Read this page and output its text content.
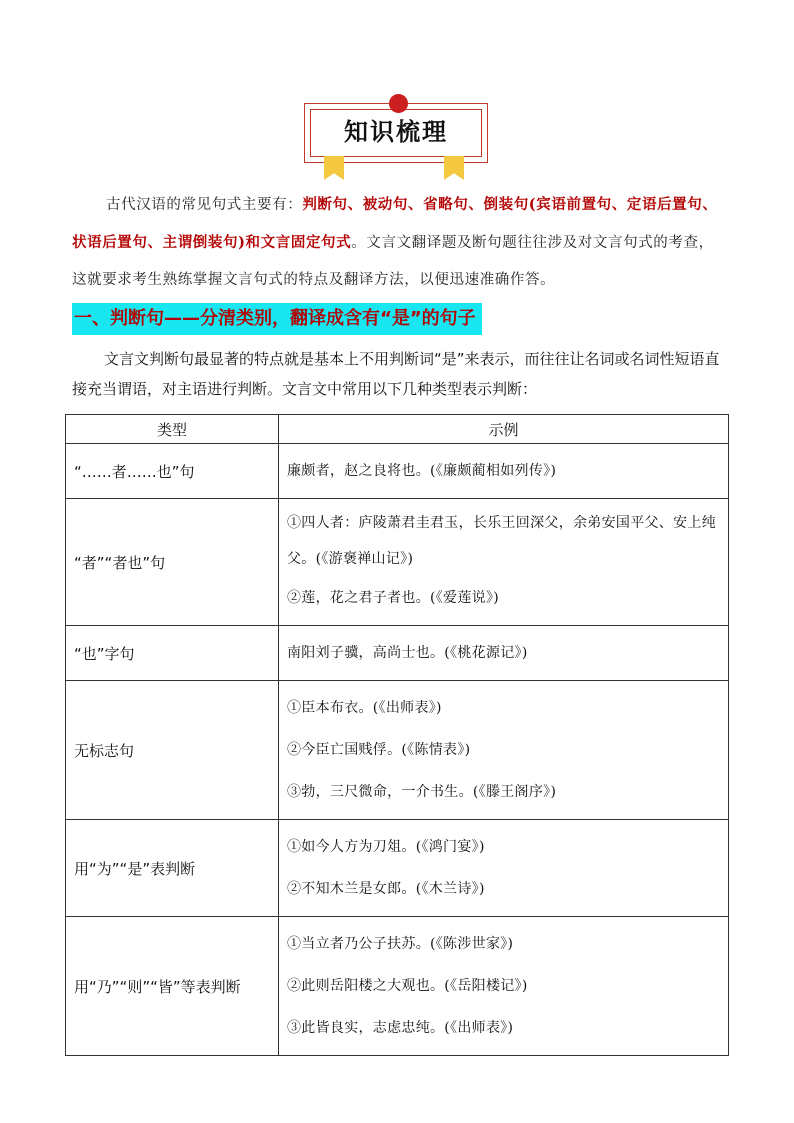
知识梳理
古代汉语的常见句式主要有：判断句、被动句、省略句、倒装句(宾语前置句、定语后置句、状语后置句、主谓倒装句)和文言固定句式。文言文翻译题及断句题往往涉及对文言句式的考查，这就要求考生熟练掌握文言句式的特点及翻译方法，以便迅速准确作答。
一、判断句——分清类别，翻译成含有“是”的句子
文言文判断句最显著的特点就是基本上不用判断词“是”来表示，而往往让名词或名词性短语直接充当谓语，对主语进行判断。文言文中常用以下几种类型表示判断：
类型	示例
“……者……也”句	廉颇者，赵之良将也。(《廉颇蔺相如列传》)

“者”“者也”句	①四人者：庐陵萧君圭君玉，长乐王回深父，余弟安国平父、安上纯父。(《游褒禅山记》)
②莲，花之君子者也。(《爱莲说》)

“也”字句	南阳刘子骥，高尚士也。(《桃花源记》)

无标志句	①臣本布衣。(《出师表》)
②今臣亡国贱俘。(《陈情表》)
③勃，三尺微命，一介书生。(《滕王阁序》)

用“为”“是”表判断	①如今人方为刀俎。(《鸿门宴》)
②不知木兰是女郎。(《木兰诗》)

用“乃”“则”“皆”等表判断	①当立者乃公子扶苏。(《陈涉世家》)
②此则岳阳楼之大观也。(《岳阳楼记》)
③此皆良实，志虑忠纯。(《出师表》)
